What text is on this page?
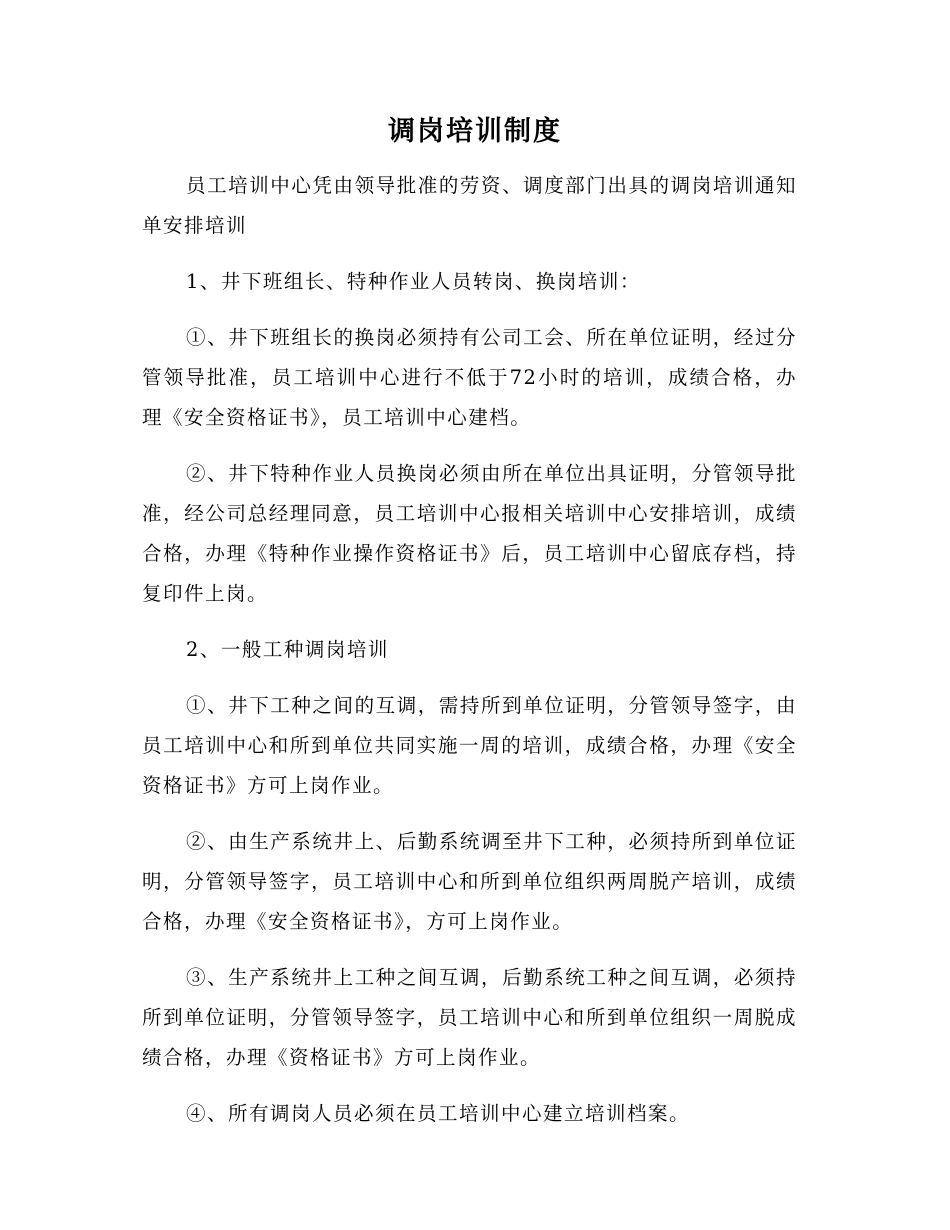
调岗培训制度

员工培训中心凭由领导批准的劳资、调度部门出具的调岗培训通知单安排培训

1、井下班组长、特种作业人员转岗、换岗培训：

①、井下班组长的换岗必须持有公司工会、所在单位证明，经过分管领导批准，员工培训中心进行不低于72小时的培训，成绩合格，办理《安全资格证书》，员工培训中心建档。

②、井下特种作业人员换岗必须由所在单位出具证明，分管领导批准，经公司总经理同意，员工培训中心报相关培训中心安排培训，成绩合格，办理《特种作业操作资格证书》后，员工培训中心留底存档，持复印件上岗。

2、一般工种调岗培训

①、井下工种之间的互调，需持所到单位证明，分管领导签字，由员工培训中心和所到单位共同实施一周的培训，成绩合格，办理《安全资格证书》方可上岗作业。

②、由生产系统井上、后勤系统调至井下工种，必须持所到单位证明，分管领导签字，员工培训中心和所到单位组织两周脱产培训，成绩合格，办理《安全资格证书》，方可上岗作业。

③、生产系统井上工种之间互调，后勤系统工种之间互调，必须持所到单位证明，分管领导签字，员工培训中心和所到单位组织一周脱成绩合格，办理《资格证书》方可上岗作业。

④、所有调岗人员必须在员工培训中心建立培训档案。
